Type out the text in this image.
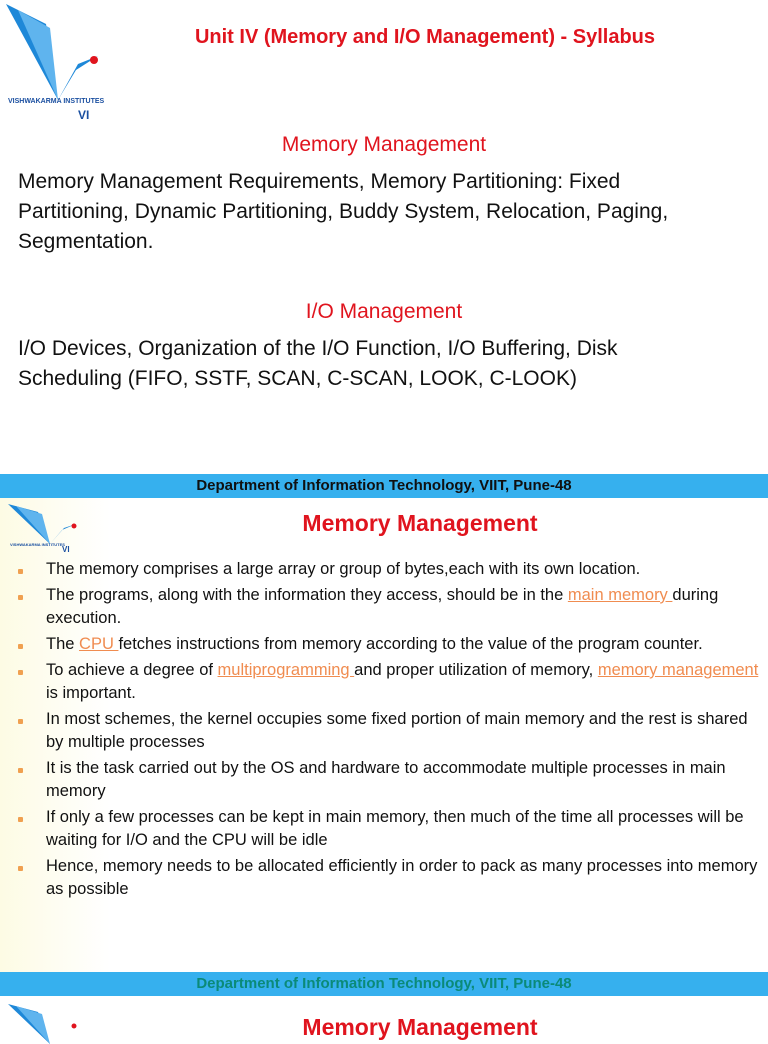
VISHWAKARMA INSTITUTES
VI
Unit IV (Memory and I/O Management) - Syllabus
Memory Management
Memory Management Requirements, Memory Partitioning: Fixed
Partitioning, Dynamic Partitioning, Buddy System, Relocation, Paging,
Segmentation.
I/O Management
I/O Devices, Organization of the I/O Function, I/O Buffering, Disk
Scheduling (FIFO, SSTF, SCAN, C-SCAN, LOOK, C-LOOK)
Department of Information Technology, VIIT, Pune-48
VISHWAKARMA INSTITUTES
VI
Memory Management
The memory comprises a large array or group of bytes,each with its own location.
The programs, along with the information they access, should be in the main memory during execution.
The CPU fetches instructions from memory according to the value of the program counter.
To achieve a degree of multiprogramming and proper utilization of memory, memory management is important.
In most schemes, the kernel occupies some fixed portion of main memory and the rest is shared by multiple processes
It is the task carried out by the OS and hardware to accommodate multiple processes in main memory
If only a few processes can be kept in main memory, then much of the time all processes will be waiting for I/O and the CPU will be idle
Hence, memory needs to be allocated efficiently in order to pack as many processes into memory as possible
Department of Information Technology, VIIT, Pune-48
Memory Management
